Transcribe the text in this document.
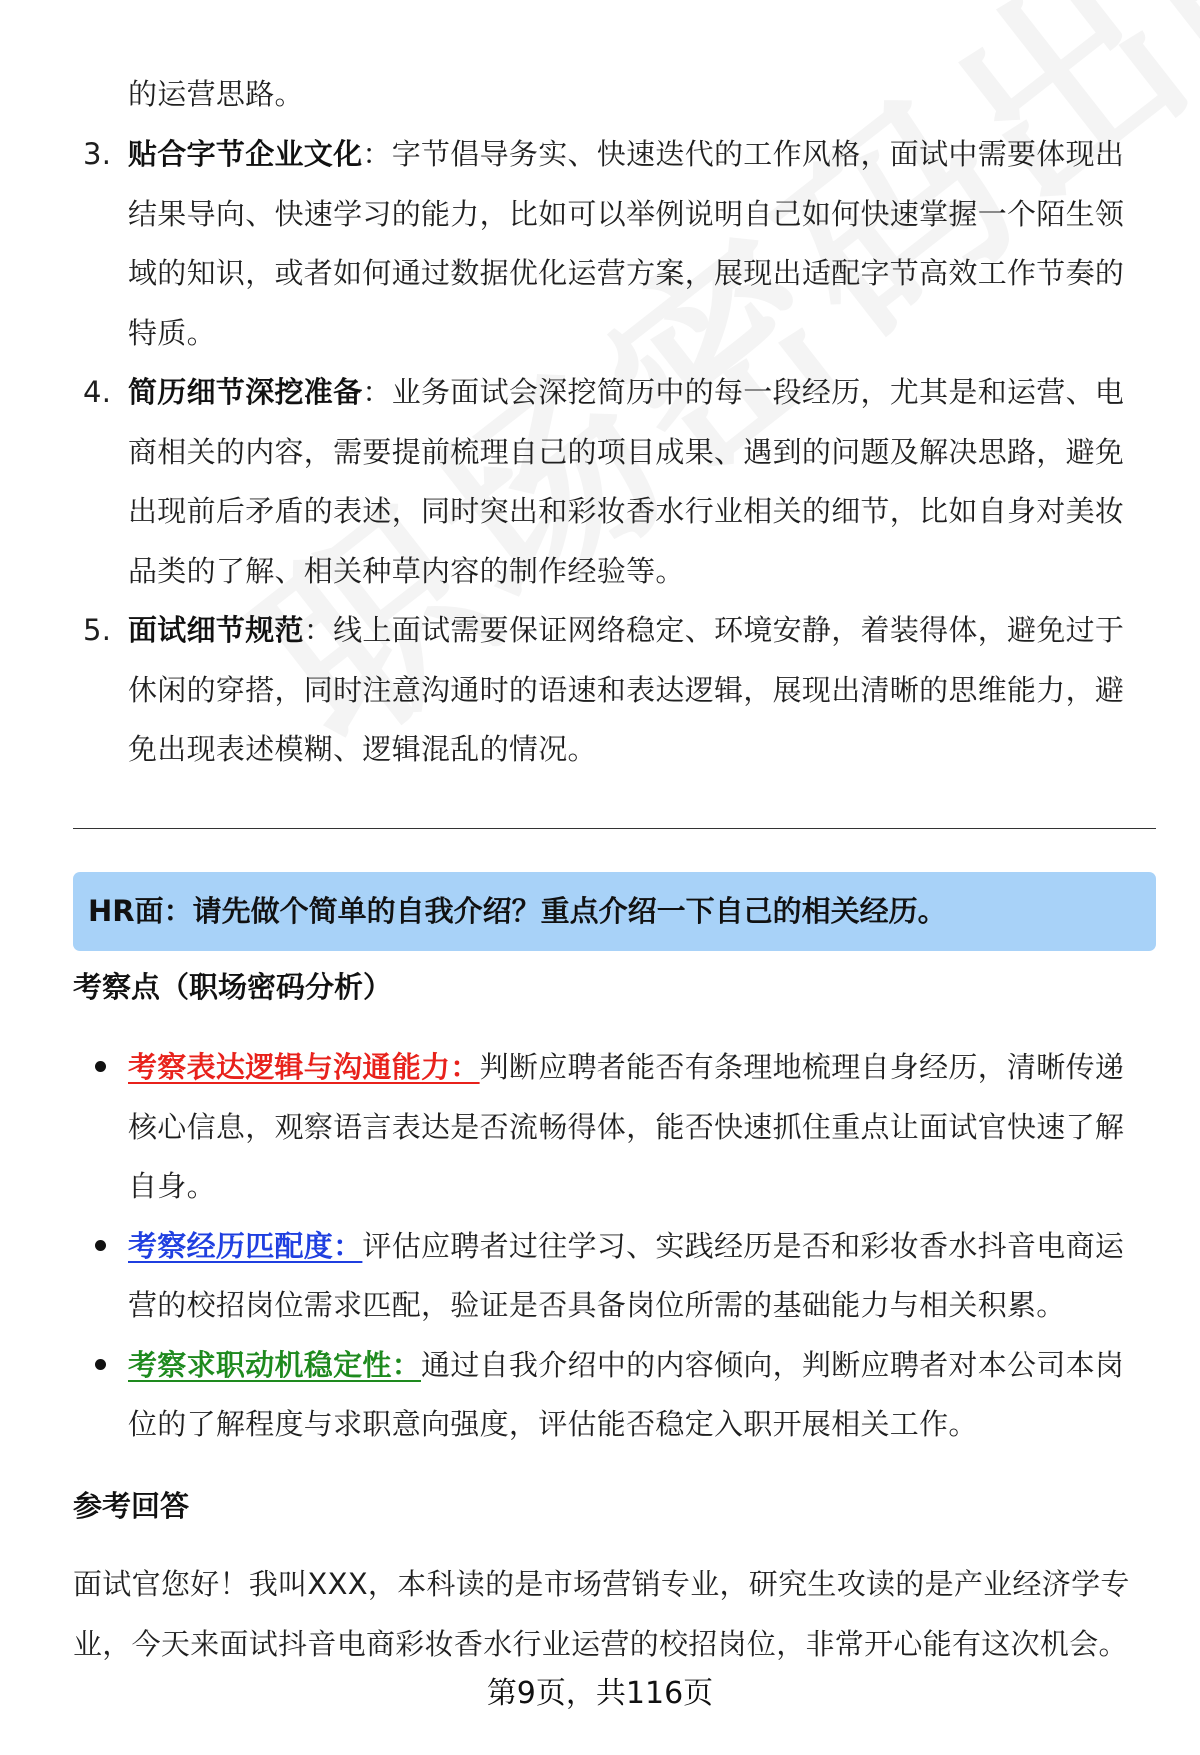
的运营思路。
3. 贴合字节企业文化：字节倡导务实、快速迭代的工作风格，面试中需要体现出结果导向、快速学习的能力，比如可以举例说明自己如何快速掌握一个陌生领域的知识，或者如何通过数据优化运营方案，展现出适配字节高效工作节奏的特质。
4. 简历细节深挖准备：业务面试会深挖简历中的每一段经历，尤其是和运营、电商相关的内容，需要提前梳理自己的项目成果、遇到的问题及解决思路，避免出现前后矛盾的表述，同时突出和彩妆香水行业相关的细节，比如自身对美妆品类的了解、相关种草内容的制作经验等。
5. 面试细节规范：线上面试需要保证网络稳定、环境安静，着装得体，避免过于休闲的穿搭，同时注意沟通时的语速和表达逻辑，展现出清晰的思维能力，避免出现表述模糊、逻辑混乱的情况。
HR面：请先做个简单的自我介绍？重点介绍一下自己的相关经历。
考察点（职场密码分析）
考察表达逻辑与沟通能力：判断应聘者能否有条理地梳理自身经历，清晰传递核心信息，观察语言表达是否流畅得体，能否快速抓住重点让面试官快速了解自身。
考察经历匹配度：评估应聘者过往学习、实践经历是否和彩妆香水抖音电商运营的校招岗位需求匹配，验证是否具备岗位所需的基础能力与相关积累。
考察求职动机稳定性：通过自我介绍中的内容倾向，判断应聘者对本公司本岗位的了解程度与求职意向强度，评估能否稳定入职开展相关工作。
参考回答
面试官您好！我叫XXX，本科读的是市场营销专业，研究生攻读的是产业经济学专业，今天来面试抖音电商彩妆香水行业运营的校招岗位，非常开心能有这次机会。
第9页，共116页
